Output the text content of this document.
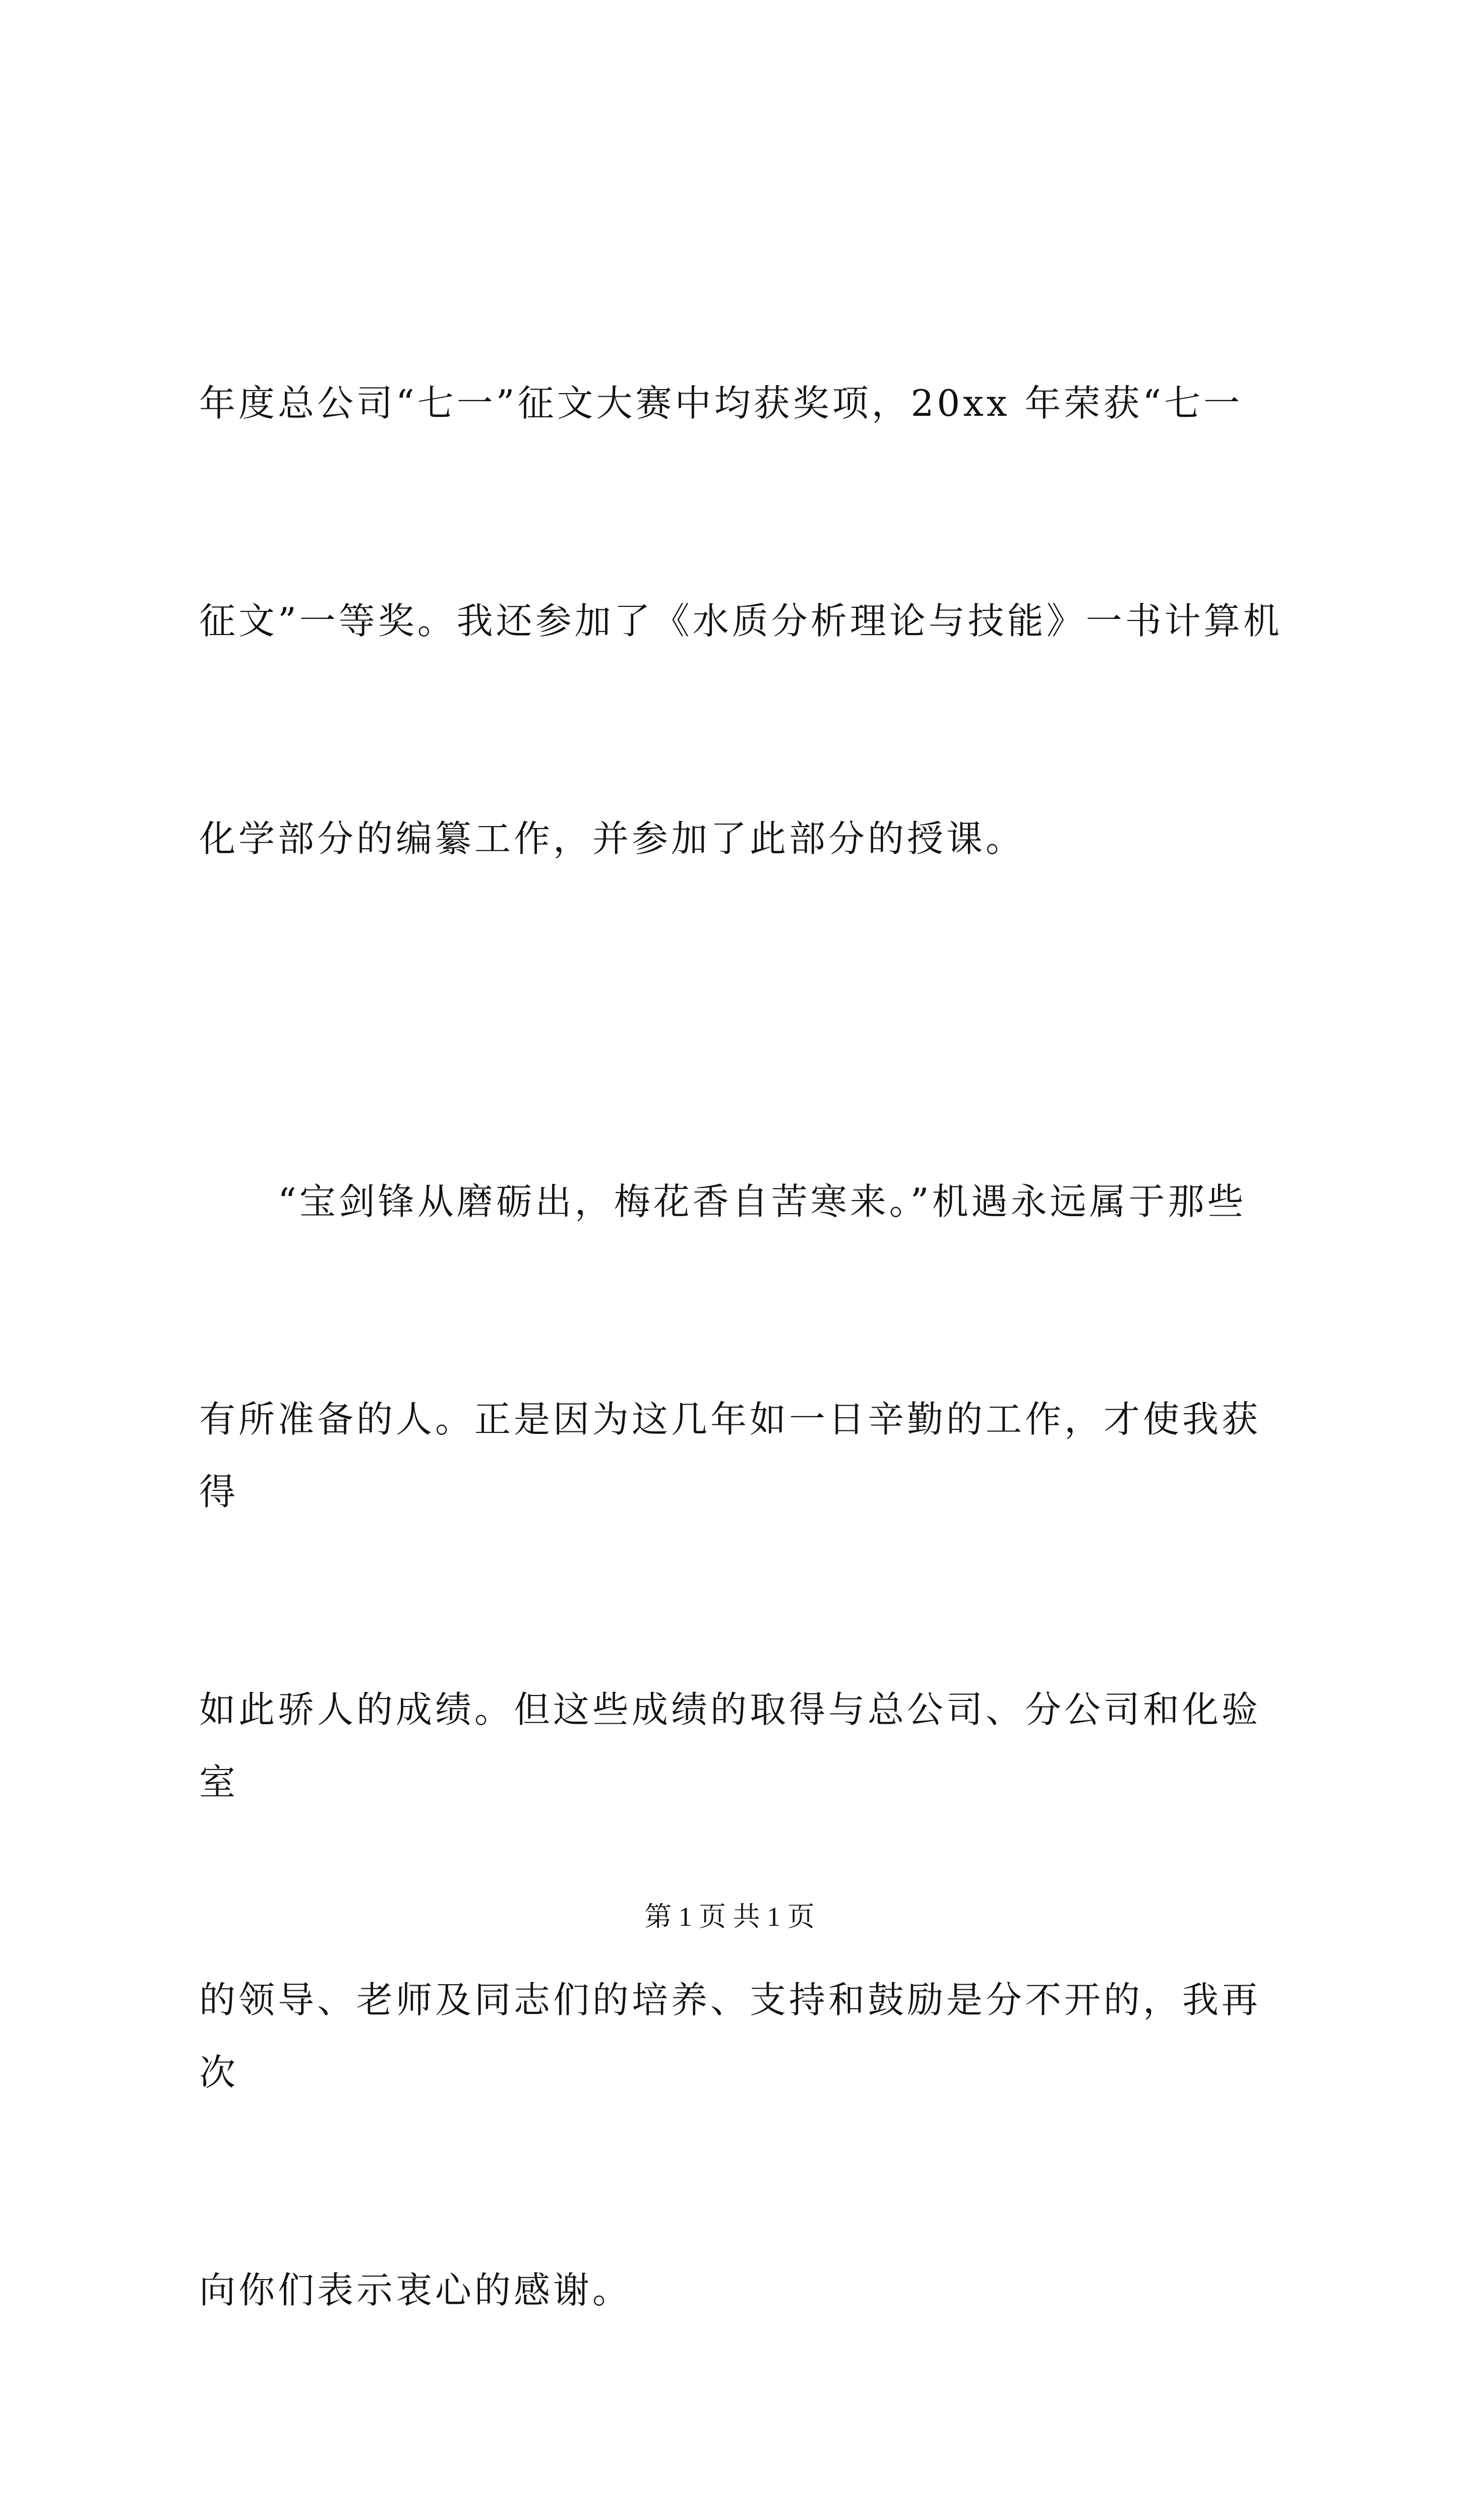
年度总公司“七一”征文大赛中均获奖项，20xx 年荣获“七一

征文”一等奖。我还参加了《水质分析理论与技能》一书计算机

化学部分的编纂工作，并参加了此部分的授课。

“宝剑锋从磨砺出，梅花香自苦寒来。”机遇永远属于那些

有所准备的人。正是因为这几年如一日辛勤的工作，才使我获得

如此骄人的成绩。但这些成绩的取得与总公司、分公司和化验室

的领导、老师及同志们的培养、支持和鼓励是分不开的，我再次

向你们表示衷心的感谢。

第 1 页 共 1 页
